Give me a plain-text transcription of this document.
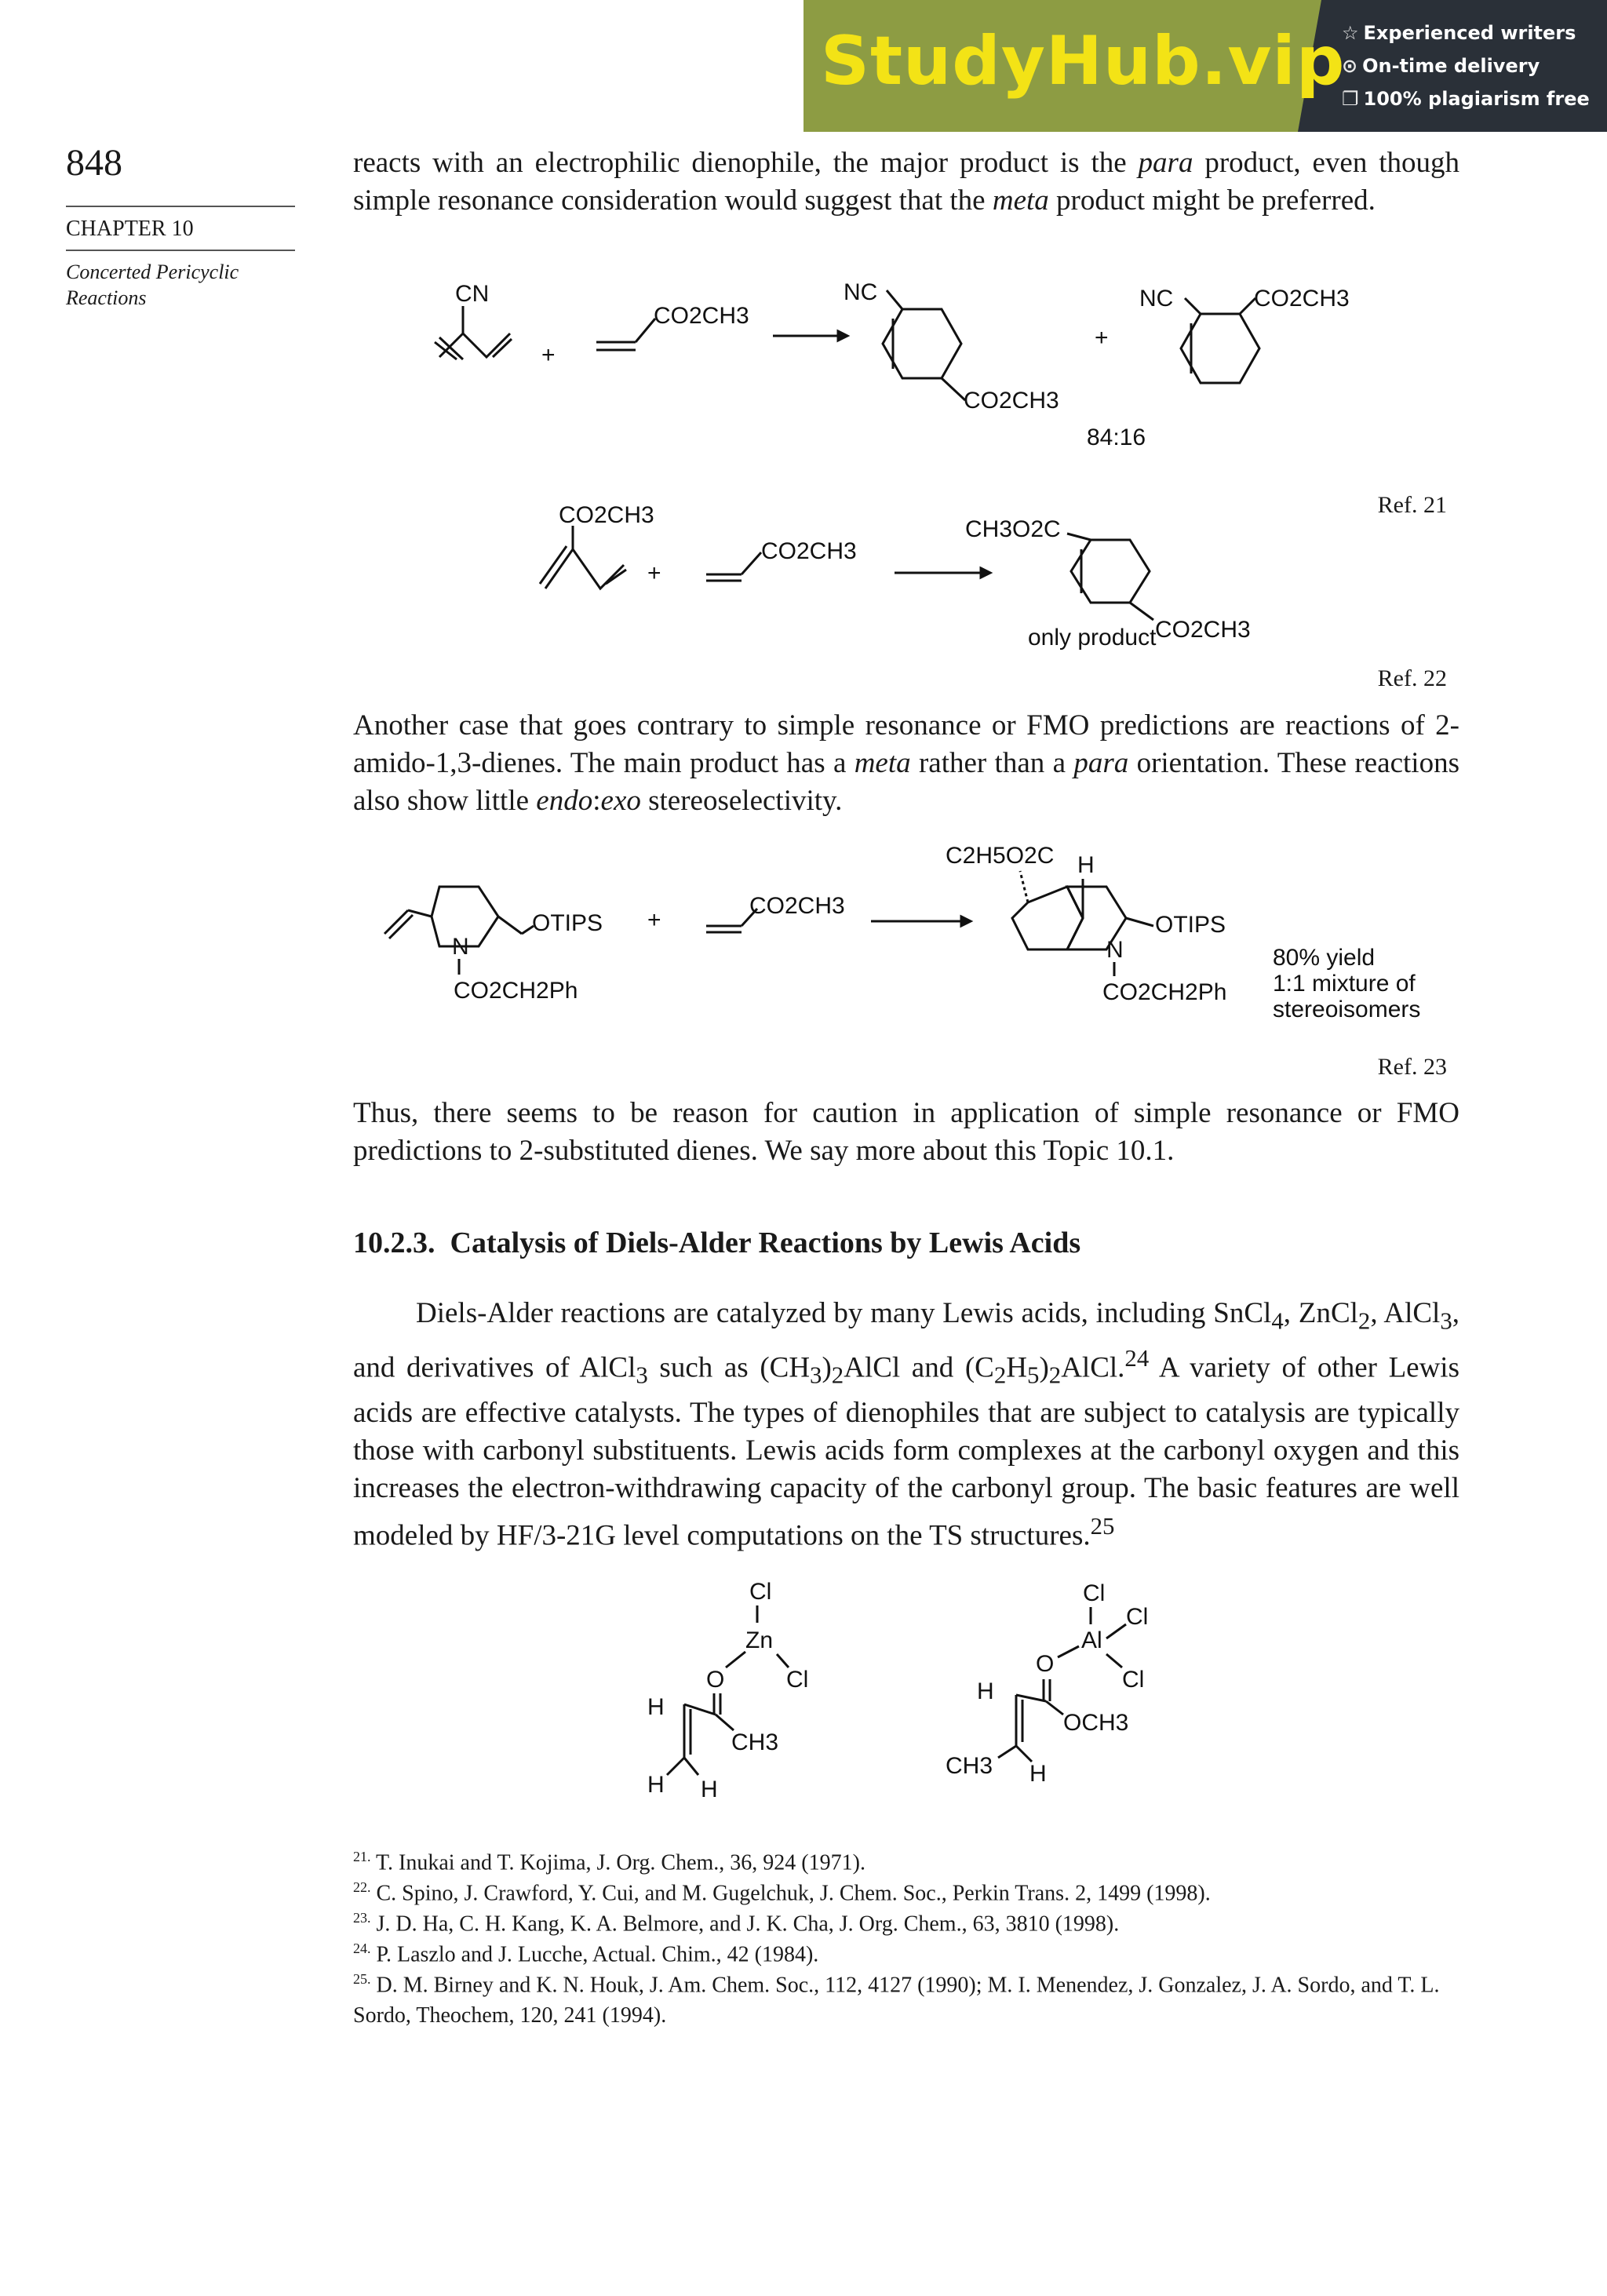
StudyHub.vip
☆ Experienced writers
⊙ On-time delivery
❐ 100% plagiarism free
848
CHAPTER 10
Concerted Pericyclic Reactions
reacts with an electrophilic dienophile, the major product is the para product, even though simple resonance consideration would suggest that the meta product might be preferred.
CN
+
CO2CH3
NC
CO2CH3
+
NC	CO2CH3
84:16
Ref. 21
CO2CH3
+
CO2CH3
CH3O2C
CO2CH3
only product
Ref. 22
Another case that goes contrary to simple resonance or FMO predictions are reactions of 2-amido-1,3-dienes. The main product has a meta rather than a para orientation. These reactions also show little endo:exo stereoselectivity.
OTIPS
N
CO2CH2Ph
+
CO2CH3
C2H5O2C H
OTIPS
N
CO2CH2Ph
80% yield
1:1 mixture of
stereoisomers
Ref. 23
Thus, there seems to be reason for caution in application of simple resonance or FMO predictions to 2-substituted dienes. We say more about this Topic 10.1.
10.2.3. Catalysis of Diels-Alder Reactions by Lewis Acids
Diels-Alder reactions are catalyzed by many Lewis acids, including SnCl$_4$, ZnCl$_2$, AlCl$_3$, and derivatives of AlCl$_3$ such as $(CH_3)_2AlCl$ and $(C_2H_5)_2AlCl.^{24}$ A variety of other Lewis acids are effective catalysts. The types of dienophiles that are subject to catalysis are typically those with carbonyl substituents. Lewis acids form complexes at the carbonyl oxygen and this increases the electron-withdrawing capacity of the carbonyl group. The basic features are well modeled by HF/3-21G level computations on the TS structures.$^{25}$
Cl
Zn
Cl
O
CH3
H
H H
Cl
Al
Cl
Cl
O
OCH3
H
CH3 H
$^{21.}$ T. Inukai and T. Kojima, J. Org. Chem., 36, 924 (1971).
$^{22.}$ C. Spino, J. Crawford, Y. Cui, and M. Gugelchuk, J. Chem. Soc., Perkin Trans. 2, 1499 (1998).
$^{23.}$ J. D. Ha, C. H. Kang, K. A. Belmore, and J. K. Cha, J. Org. Chem., 63, 3810 (1998).
$^{24.}$ P. Laszlo and J. Lucche, Actual. Chim., 42 (1984).
$^{25.}$ D. M. Birney and K. N. Houk, J. Am. Chem. Soc., 112, 4127 (1990); M. I. Menendez, J. Gonzalez, J. A. Sordo, and T. L. Sordo, Theochem, 120, 241 (1994).
